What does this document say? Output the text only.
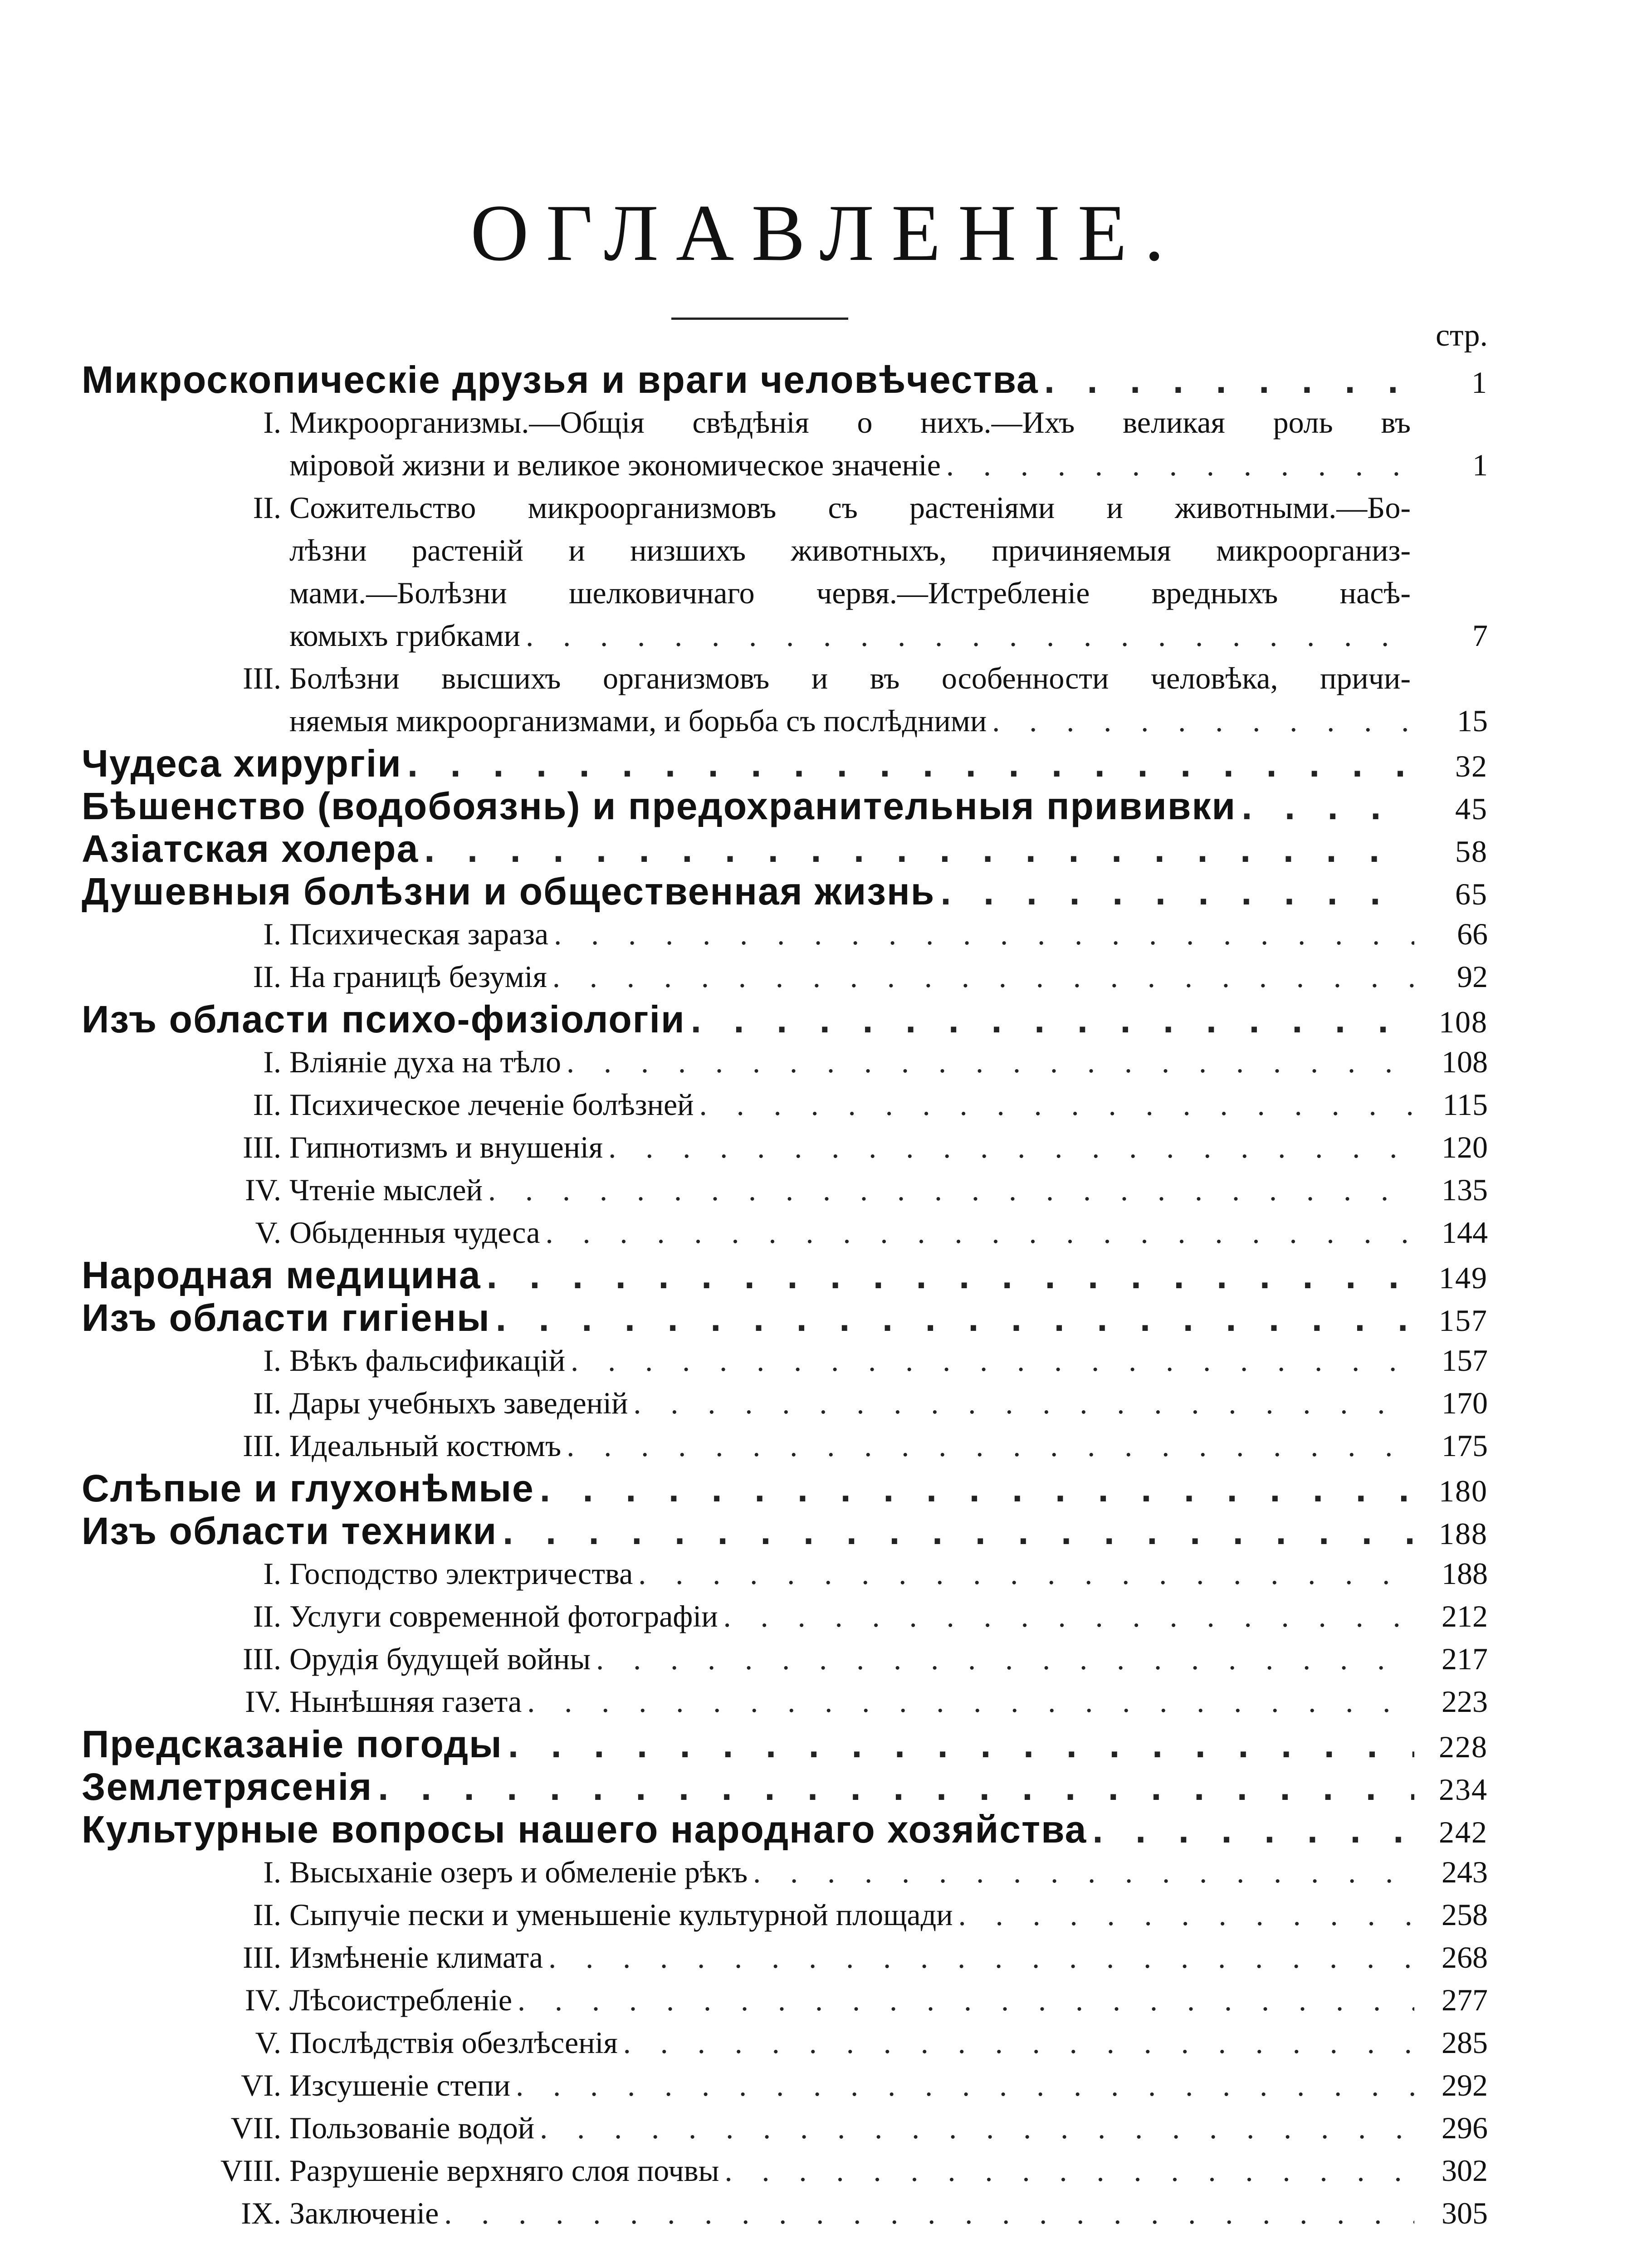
ОГЛАВЛЕНІЕ.
стр.
Микроскопическіе друзья и враги человѣчества . . .	1
I. Микроорганизмы.—Общія свѣдѣнія о нихъ.—Ихъ великая роль въ
мiровой жизни и великое экономическое значенiе . . .	1
II. Сожительство микроорганизмовъ съ растеніями и животными.—Бо-
лѣзни растеній и низшихъ животныхъ, причиняемыя микроорганиз-
мами.—Болѣзни шелковичнаго червя.—Истребленіе вредныхъ насѣ-
комыхъ грибками . . .	7
III. Болѣзни высшихъ организмовъ и въ особенности человѣка, причи-
няемыя микроорганизмами, и борьба съ послѣдними . . .	15
Чудеса хирургіи . . .	32
Бѣшенство (водобоязнь) и предохранительныя прививки . . .	45
Азіатская холера . . .	58
Душевныя болѣзни и общественная жизнь . . .	65
I. Психическая зараза . . .	66
II. На границѣ безумія . . .	92
Изъ области психо-физіологіи . . .	108
I. Вліяніе духа на тѣло . . .	108
II. Психическое леченіе болѣзней . . .	115
III. Гипнотизмъ и внушенія . . .	120
IV. Чтеніе мыслей . . .	135
V. Обыденныя чудеса . . .	144
Народная медицина . . .	149
Изъ области гигіены . . .	157
I. Вѣкъ фальсификацій . . .	157
II. Дары учебныхъ заведеній . . .	170
III. Идеальный костюмъ . . .	175
Слѣпые и глухонѣмые . . .	180
Изъ области техники . . .	188
I. Господство электричества . . .	188
II. Услуги современной фотографіи . . .	212
III. Орудія будущей войны . . .	217
IV. Нынѣшняя газета . . .	223
Предсказаніе погоды . . .	228
Землетрясенія . . .	234
Культурные вопросы нашего народнаго хозяйства . . .	242
I. Высыханіе озеръ и обмеленіе рѣкъ . . .	243
II. Сыпучіе пески и уменьшеніе культурной площади . . .	258
III. Измѣненіе климата . . .	268
IV. Лѣсоистребленіе . . .	277
V. Послѣдствія обезлѣсенія . . .	285
VI. Изсушеніе степи . . .	292
VII. Пользованіе водой . . .	296
VIII. Разрушеніе верхняго слоя почвы . . .	302
IX. Заключеніе . . .	305
